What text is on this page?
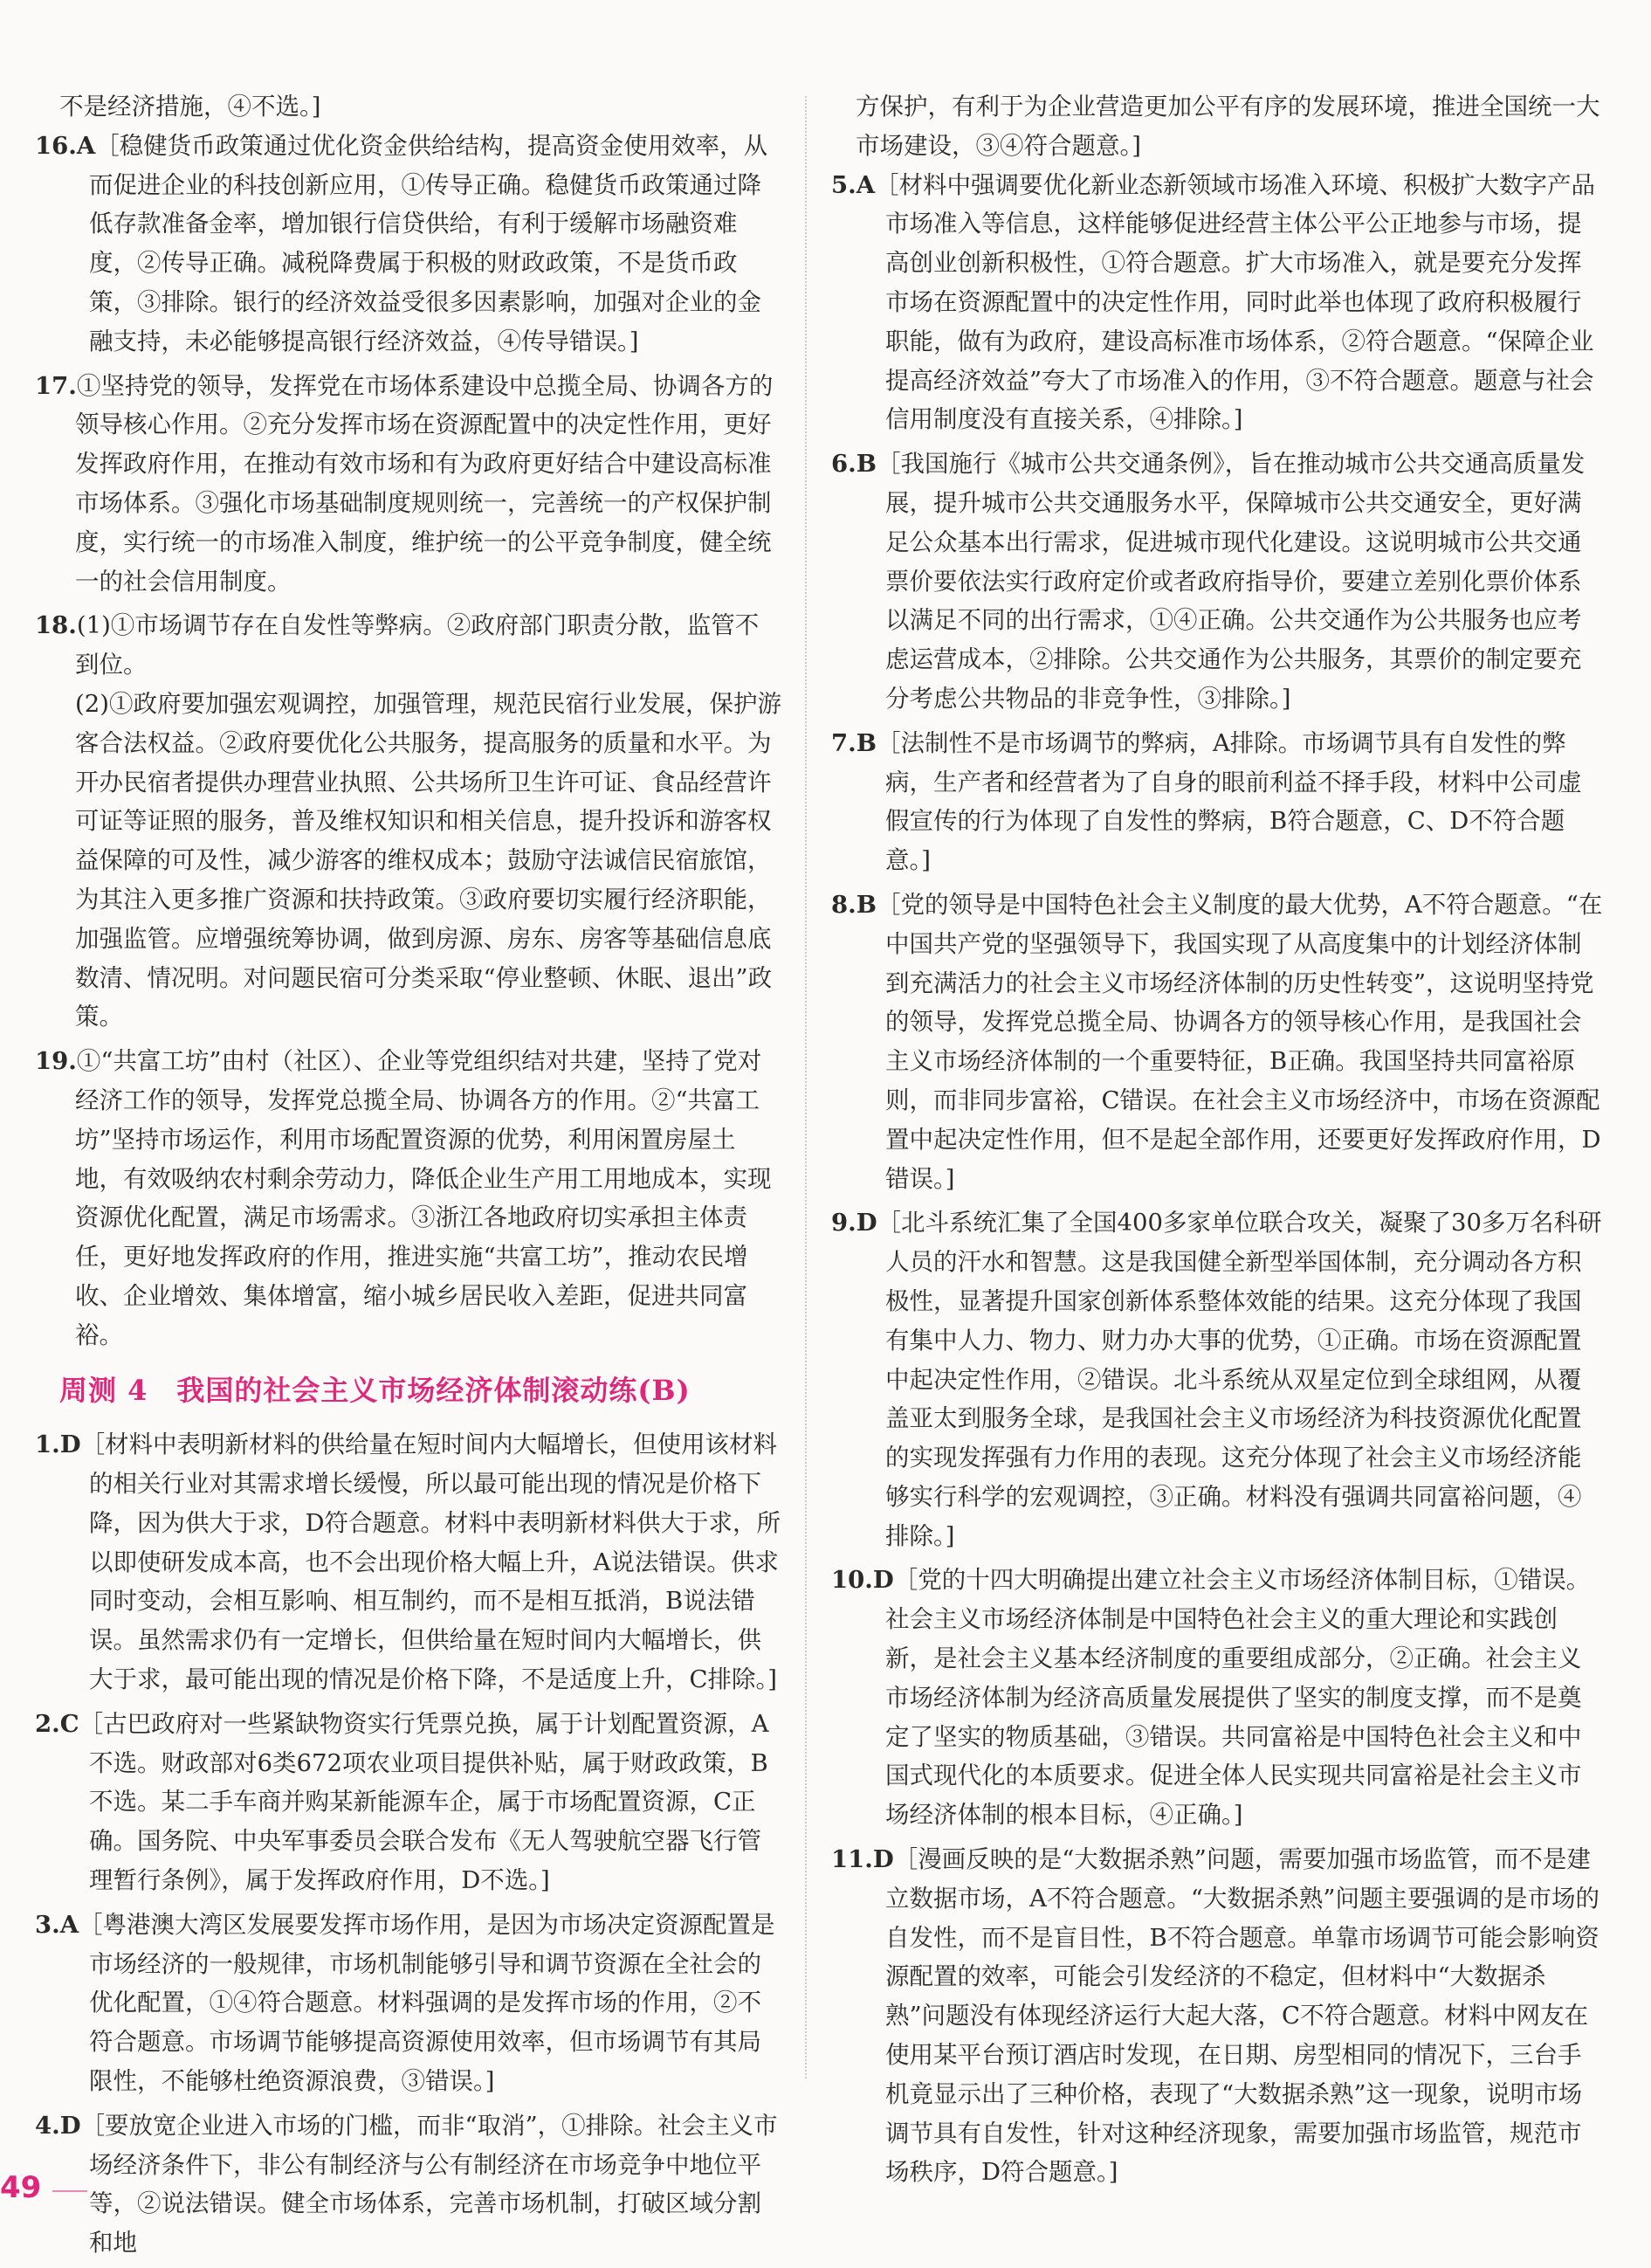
不是经济措施，④不选。]

16.A［稳健货币政策通过优化资金供给结构，提高资金使用效率，从而促进企业的科技创新应用，①传导正确。稳健货币政策通过降低存款准备金率，增加银行信贷供给，有利于缓解市场融资难度，②传导正确。减税降费属于积极的财政政策，不是货币政策，③排除。银行的经济效益受很多因素影响，加强对企业的金融支持，未必能够提高银行经济效益，④传导错误。]
17.①坚持党的领导，发挥党在市场体系建设中总揽全局、协调各方的领导核心作用。②充分发挥市场在资源配置中的决定性作用，更好发挥政府作用，在推动有效市场和有为政府更好结合中建设高标准市场体系。③强化市场基础制度规则统一，完善统一的产权保护制度，实行统一的市场准入制度，维护统一的公平竞争制度，健全统一的社会信用制度。
18.(1)①市场调节存在自发性等弊病。②政府部门职责分散，监管不到位。

(2)①政府要加强宏观调控，加强管理，规范民宿行业发展，保护游客合法权益。②政府要优化公共服务，提高服务的质量和水平。为开办民宿者提供办理营业执照、公共场所卫生许可证、食品经营许可证等证照的服务，普及维权知识和相关信息，提升投诉和游客权益保障的可及性，减少游客的维权成本；鼓励守法诚信民宿旅馆，为其注入更多推广资源和扶持政策。③政府要切实履行经济职能，加强监管。应增强统筹协调，做到房源、房东、房客等基础信息底数清、情况明。对问题民宿可分类采取“停业整顿、休眠、退出”政策。

19.①“共富工坊”由村（社区）、企业等党组织结对共建，坚持了党对经济工作的领导，发挥党总揽全局、协调各方的作用。②“共富工坊”坚持市场运作，利用市场配置资源的优势，利用闲置房屋土地，有效吸纳农村剩余劳动力，降低企业生产用工用地成本，实现资源优化配置，满足市场需求。③浙江各地政府切实承担主体责任，更好地发挥政府的作用，推进实施“共富工坊”，推动农民增收、企业增效、集体增富，缩小城乡居民收入差距，促进共同富裕。
周测 4　我国的社会主义市场经济体制滚动练(B)
1.D［材料中表明新材料的供给量在短时间内大幅增长，但使用该材料的相关行业对其需求增长缓慢，所以最可能出现的情况是价格下降，因为供大于求，D符合题意。材料中表明新材料供大于求，所以即使研发成本高，也不会出现价格大幅上升，A说法错误。供求同时变动，会相互影响、相互制约，而不是相互抵消，B说法错误。虽然需求仍有一定增长，但供给量在短时间内大幅增长，供大于求，最可能出现的情况是价格下降，不是适度上升，C排除。]
2.C［古巴政府对一些紧缺物资实行凭票兑换，属于计划配置资源，A不选。财政部对6类672项农业项目提供补贴，属于财政政策，B不选。某二手车商并购某新能源车企，属于市场配置资源，C正确。国务院、中央军事委员会联合发布《无人驾驶航空器飞行管理暂行条例》，属于发挥政府作用，D不选。]
3.A［粤港澳大湾区发展要发挥市场作用，是因为市场决定资源配置是市场经济的一般规律，市场机制能够引导和调节资源在全社会的优化配置，①④符合题意。材料强调的是发挥市场的作用，②不符合题意。市场调节能够提高资源使用效率，但市场调节有其局限性，不能够杜绝资源浪费，③错误。]
4.D［要放宽企业进入市场的门槛，而非“取消”，①排除。社会主义市场经济条件下，非公有制经济与公有制经济在市场竞争中地位平等，②说法错误。健全市场体系，完善市场机制，打破区域分割和地

方保护，有利于为企业营造更加公平有序的发展环境，推进全国统一大市场建设，③④符合题意。]

5.A［材料中强调要优化新业态新领域市场准入环境、积极扩大数字产品市场准入等信息，这样能够促进经营主体公平公正地参与市场，提高创业创新积极性，①符合题意。扩大市场准入，就是要充分发挥市场在资源配置中的决定性作用，同时此举也体现了政府积极履行职能，做有为政府，建设高标准市场体系，②符合题意。“保障企业提高经济效益”夸大了市场准入的作用，③不符合题意。题意与社会信用制度没有直接关系，④排除。]
6.B［我国施行《城市公共交通条例》，旨在推动城市公共交通高质量发展，提升城市公共交通服务水平，保障城市公共交通安全，更好满足公众基本出行需求，促进城市现代化建设。这说明城市公共交通票价要依法实行政府定价或者政府指导价，要建立差别化票价体系以满足不同的出行需求，①④正确。公共交通作为公共服务也应考虑运营成本，②排除。公共交通作为公共服务，其票价的制定要充分考虑公共物品的非竞争性，③排除。]
7.B［法制性不是市场调节的弊病，A排除。市场调节具有自发性的弊病，生产者和经营者为了自身的眼前利益不择手段，材料中公司虚假宣传的行为体现了自发性的弊病，B符合题意，C、D不符合题意。]
8.B［党的领导是中国特色社会主义制度的最大优势，A不符合题意。“在中国共产党的坚强领导下，我国实现了从高度集中的计划经济体制到充满活力的社会主义市场经济体制的历史性转变”，这说明坚持党的领导，发挥党总揽全局、协调各方的领导核心作用，是我国社会主义市场经济体制的一个重要特征，B正确。我国坚持共同富裕原则，而非同步富裕，C错误。在社会主义市场经济中，市场在资源配置中起决定性作用，但不是起全部作用，还要更好发挥政府作用，D错误。]
9.D［北斗系统汇集了全国400多家单位联合攻关，凝聚了30多万名科研人员的汗水和智慧。这是我国健全新型举国体制，充分调动各方积极性，显著提升国家创新体系整体效能的结果。这充分体现了我国有集中人力、物力、财力办大事的优势，①正确。市场在资源配置中起决定性作用，②错误。北斗系统从双星定位到全球组网，从覆盖亚太到服务全球，是我国社会主义市场经济为科技资源优化配置的实现发挥强有力作用的表现。这充分体现了社会主义市场经济能够实行科学的宏观调控，③正确。材料没有强调共同富裕问题，④排除。]
10.D［党的十四大明确提出建立社会主义市场经济体制目标，①错误。社会主义市场经济体制是中国特色社会主义的重大理论和实践创新，是社会主义基本经济制度的重要组成部分，②正确。社会主义市场经济体制为经济高质量发展提供了坚实的制度支撑，而不是奠定了坚实的物质基础，③错误。共同富裕是中国特色社会主义和中国式现代化的本质要求。促进全体人民实现共同富裕是社会主义市场经济体制的根本目标，④正确。]
11.D［漫画反映的是“大数据杀熟”问题，需要加强市场监管，而不是建立数据市场，A不符合题意。“大数据杀熟”问题主要强调的是市场的自发性，而不是盲目性，B不符合题意。单靠市场调节可能会影响资源配置的效率，可能会引发经济的不稳定，但材料中“大数据杀熟”问题没有体现经济运行大起大落，C不符合题意。材料中网友在使用某平台预订酒店时发现，在日期、房型相同的情况下，三台手机竟显示出了三种价格，表现了“大数据杀熟”这一现象，说明市场调节具有自发性，针对这种经济现象，需要加强市场监管，规范市场秩序，D符合题意。]
49
